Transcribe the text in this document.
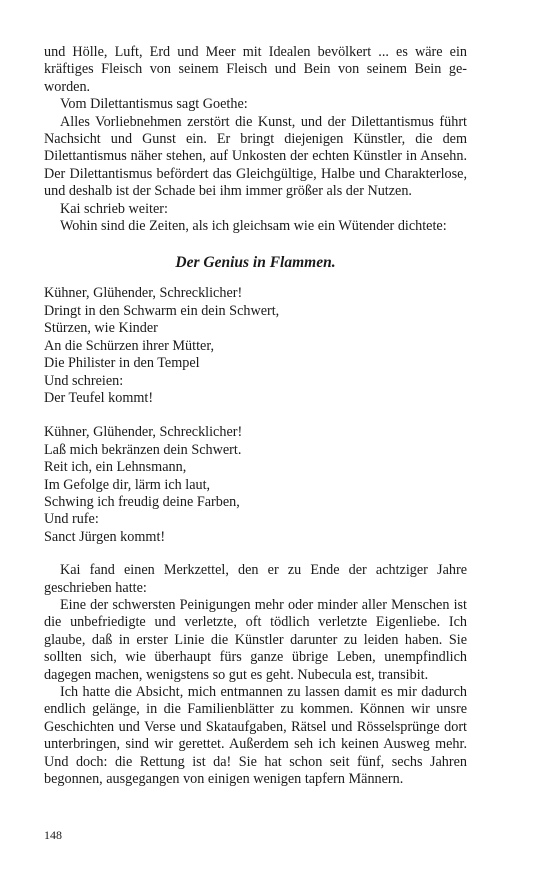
und Hölle, Luft, Erd und Meer mit Idealen bevölkert ... es wäre ein kräftiges Fleisch von seinem Fleisch und Bein von seinem Bein geworden.

Vom Dilettantismus sagt Goethe:

Alles Vorliebnehmen zerstört die Kunst, und der Dilettantismus führt Nachsicht und Gunst ein. Er bringt diejenigen Künstler, die dem Dilettantismus näher stehen, auf Unkosten der echten Künstler in Ansehn. Der Dilettantismus befördert das Gleichgültige, Halbe und Charakterlose, und deshalb ist der Schade bei ihm immer größer als der Nutzen.

Kai schrieb weiter:

Wohin sind die Zeiten, als ich gleichsam wie ein Wütender dichtete:

Der Genius in Flammen.

Kühner, Glühender, Schrecklicher!
Dringt in den Schwarm ein dein Schwert,
Stürzen, wie Kinder
An die Schürzen ihrer Mütter,
Die Philister in den Tempel
Und schreien:
Der Teufel kommt!

Kühner, Glühender, Schrecklicher!
Laß mich bekränzen dein Schwert.
Reit ich, ein Lehnsmann,
Im Gefolge dir, lärm ich laut,
Schwing ich freudig deine Farben,
Und rufe:
Sanct Jürgen kommt!

Kai fand einen Merkzettel, den er zu Ende der achtziger Jahre geschrieben hatte:

Eine der schwersten Peinigungen mehr oder minder aller Menschen ist die unbefriedigte und verletzte, oft tödlich verletzte Eigenliebe. Ich glaube, daß in erster Linie die Künstler darunter zu leiden haben. Sie sollten sich, wie überhaupt fürs ganze übrige Leben, unempfindlich dagegen machen, wenigstens so gut es geht. Nubecula est, transibit.

Ich hatte die Absicht, mich entmannen zu lassen damit es mir dadurch endlich gelänge, in die Familienblätter zu kommen. Können wir unsre Geschichten und Verse und Skataufgaben, Rätsel und Rösselsprünge dort unterbringen, sind wir gerettet. Außerdem seh ich keinen Ausweg mehr. Und doch: die Rettung ist da! Sie hat schon seit fünf, sechs Jahren begonnen, ausgegangen von einigen wenigen tapfern Männern.

148
